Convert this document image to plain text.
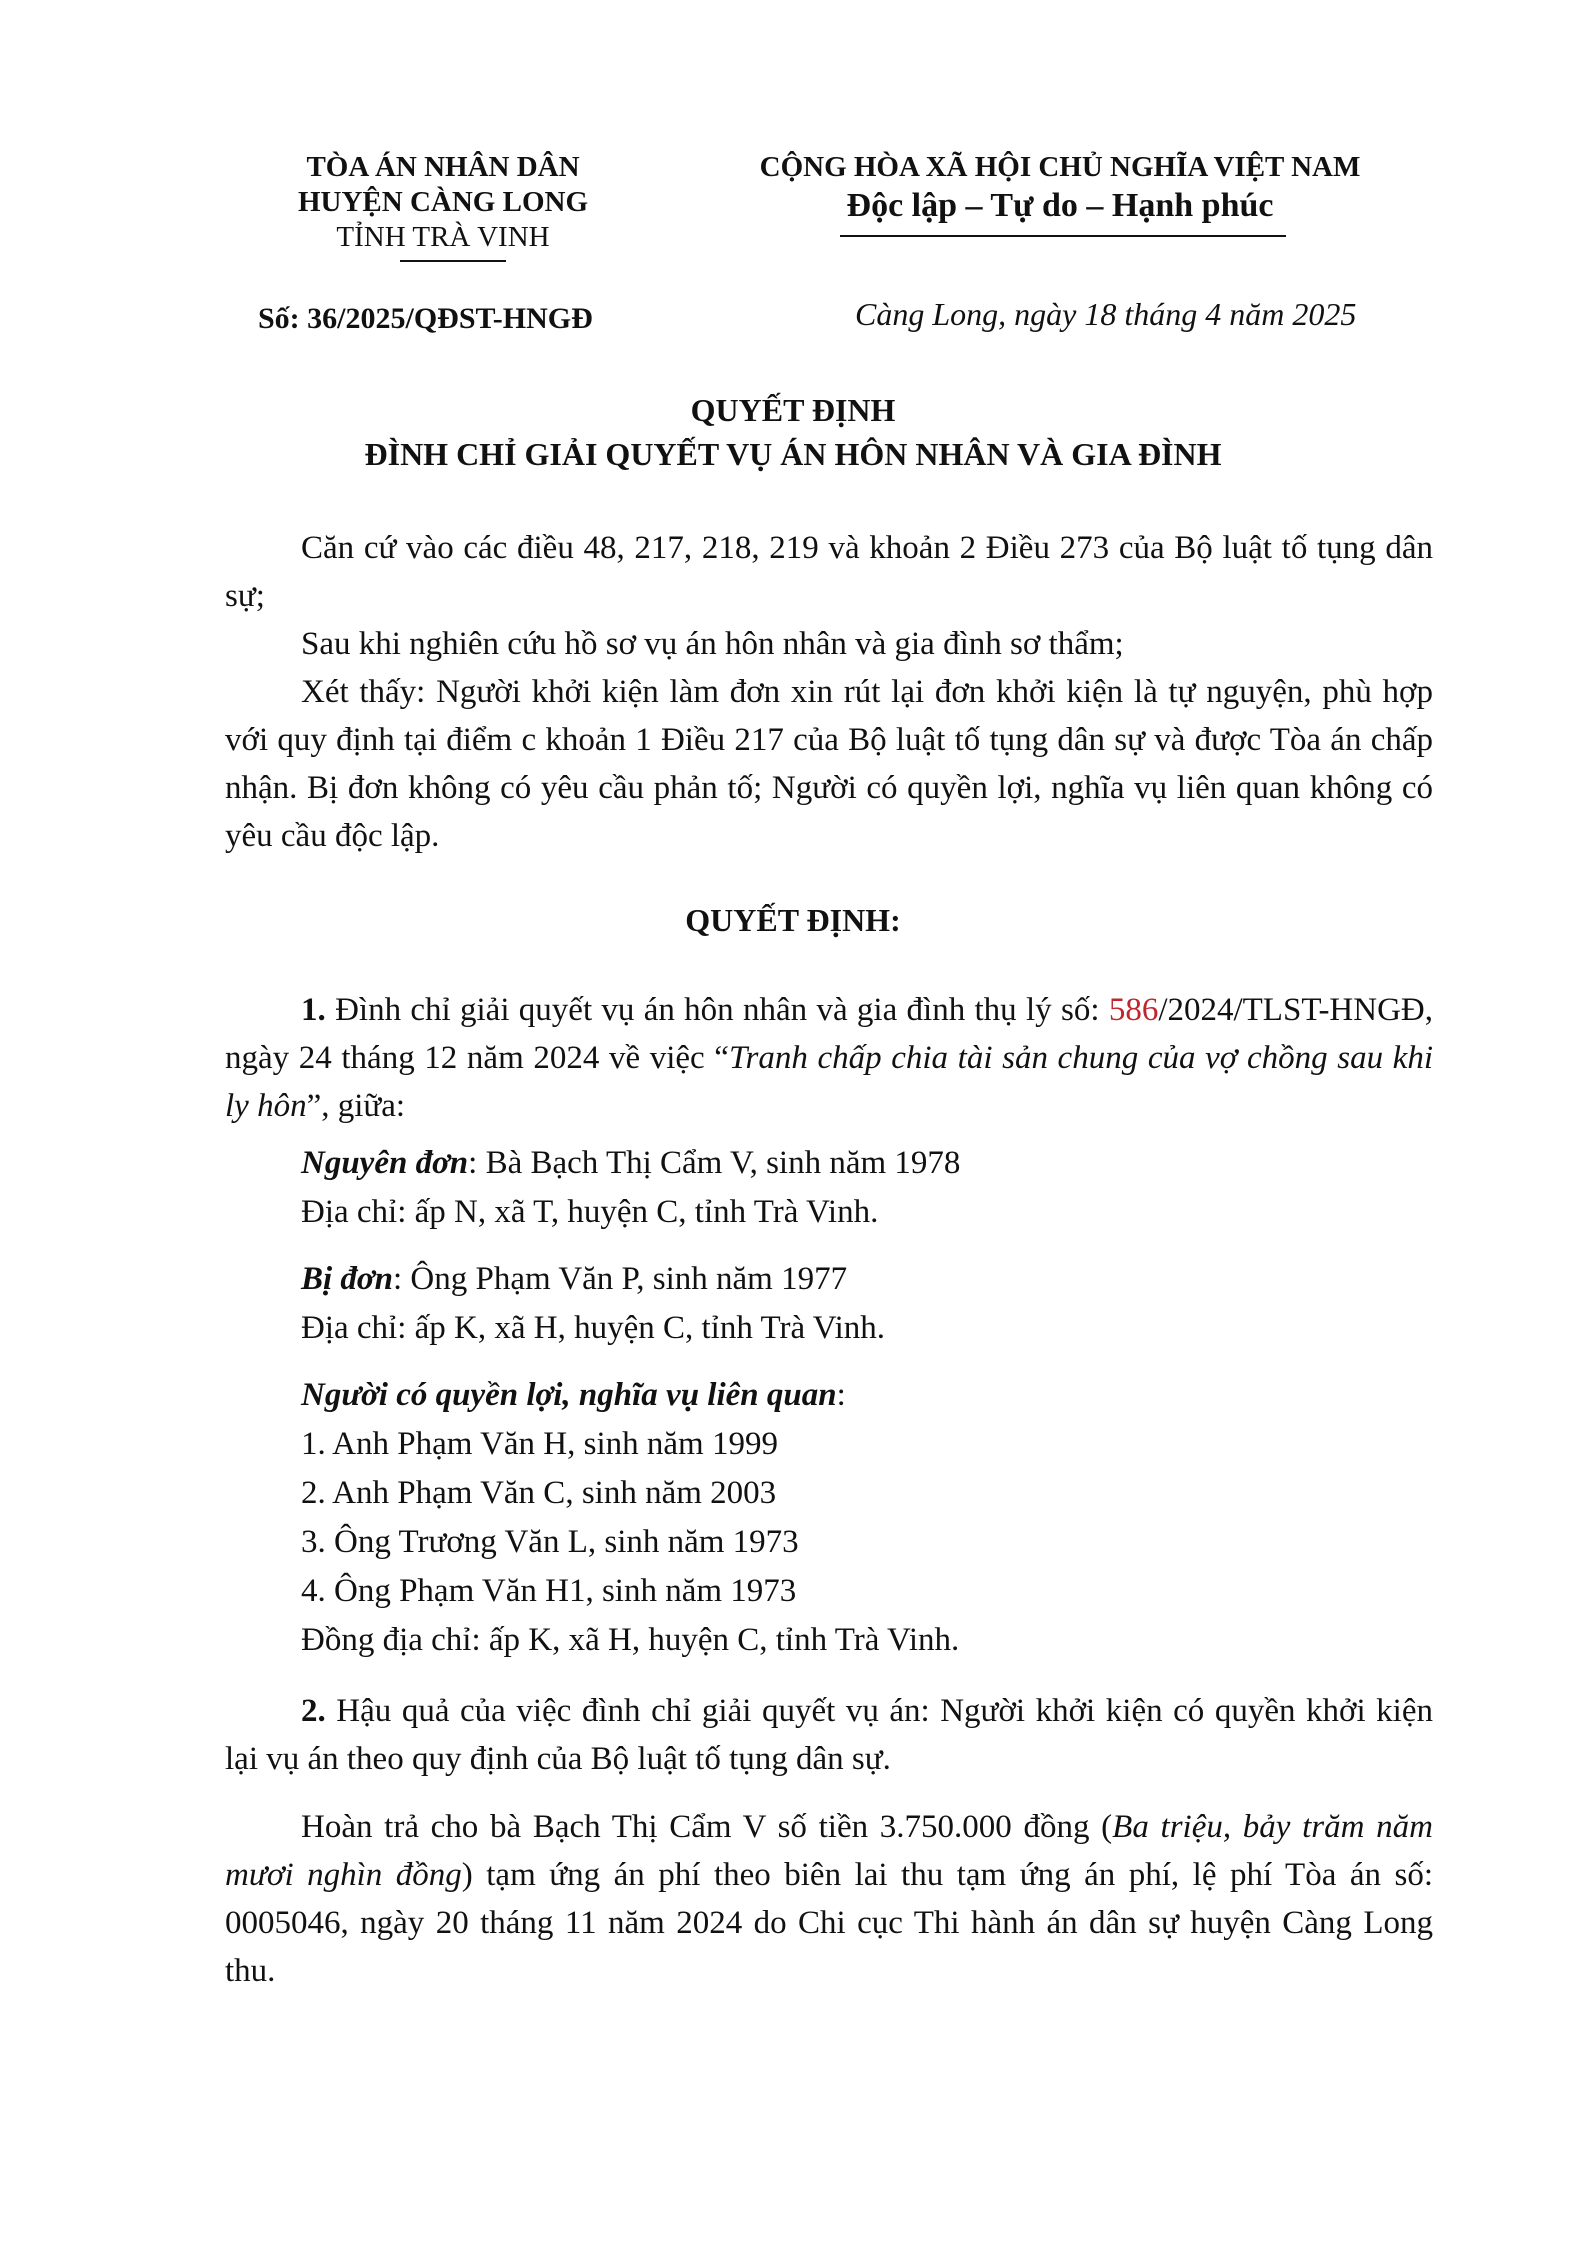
TÒA ÁN NHÂN DÂN
HUYỆN CÀNG LONG
TỈNH TRÀ VINH
CỘNG HÒA XÃ HỘI CHỦ NGHĨA VIỆT NAM
Độc lập – Tự do – Hạnh phúc
Số: 36/2025/QĐST-HNGĐ	Càng Long, ngày 18 tháng 4 năm 2025
QUYẾT ĐỊNH
ĐÌNH CHỈ GIẢI QUYẾT VỤ ÁN HÔN NHÂN VÀ GIA ĐÌNH

Căn cứ vào các điều 48, 217, 218, 219 và khoản 2 Điều 273 của Bộ luật tố tụng dân sự;

Sau khi nghiên cứu hồ sơ vụ án hôn nhân và gia đình sơ thẩm;

Xét thấy: Người khởi kiện làm đơn xin rút lại đơn khởi kiện là tự nguyện, phù hợp với quy định tại điểm c khoản 1 Điều 217 của Bộ luật tố tụng dân sự và được Tòa án chấp nhận. Bị đơn không có yêu cầu phản tố; Người có quyền lợi, nghĩa vụ liên quan không có yêu cầu độc lập.

QUYẾT ĐỊNH:

1. Đình chỉ giải quyết vụ án hôn nhân và gia đình thụ lý số: 586/2024/TLST-HNGĐ, ngày 24 tháng 12 năm 2024 về việc “Tranh chấp chia tài sản chung của vợ chồng sau khi ly hôn”, giữa:

Nguyên đơn: Bà Bạch Thị Cẩm V, sinh năm 1978
Địa chỉ: ấp N, xã T, huyện C, tỉnh Trà Vinh.
Bị đơn: Ông Phạm Văn P, sinh năm 1977
Địa chỉ: ấp K, xã H, huyện C, tỉnh Trà Vinh.
Người có quyền lợi, nghĩa vụ liên quan:
1. Anh Phạm Văn H, sinh năm 1999
2. Anh Phạm Văn C, sinh năm 2003
3. Ông Trương Văn L, sinh năm 1973
4. Ông Phạm Văn H1, sinh năm 1973
Đồng địa chỉ: ấp K, xã H, huyện C, tỉnh Trà Vinh.

2. Hậu quả của việc đình chỉ giải quyết vụ án: Người khởi kiện có quyền khởi kiện lại vụ án theo quy định của Bộ luật tố tụng dân sự.

Hoàn trả cho bà Bạch Thị Cẩm V số tiền 3.750.000 đồng (Ba triệu, bảy trăm năm mươi nghìn đồng) tạm ứng án phí theo biên lai thu tạm ứng án phí, lệ phí Tòa án số: 0005046, ngày 20 tháng 11 năm 2024 do Chi cục Thi hành án dân sự huyện Càng Long thu.
